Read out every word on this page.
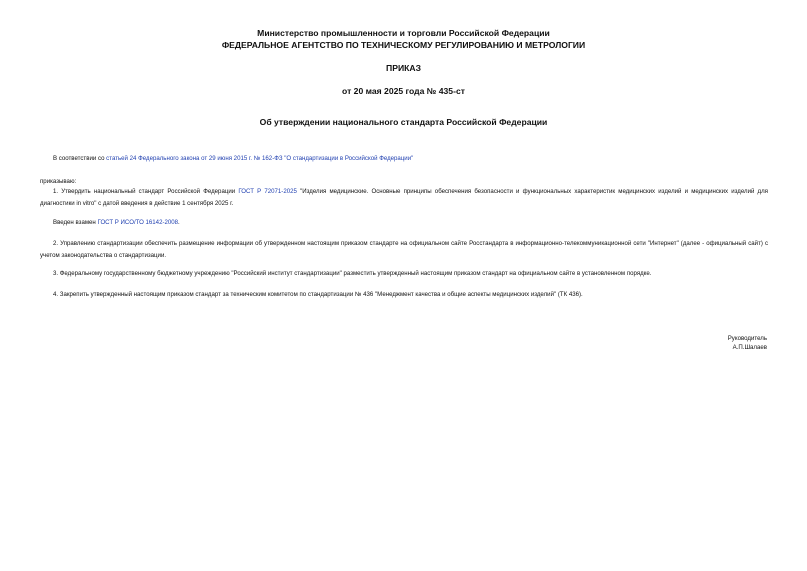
Министерство промышленности и торговли Российской Федерации
ФЕДЕРАЛЬНОЕ АГЕНТСТВО ПО ТЕХНИЧЕСКОМУ РЕГУЛИРОВАНИЮ И МЕТРОЛОГИИ
ПРИКАЗ
от 20 мая 2025 года № 435-ст
Об утверждении национального стандарта Российской Федерации
В соответствии со статьей 24 Федерального закона от 29 июня 2015 г. № 162-ФЗ "О стандартизации в Российской Федерации"
приказываю:
1. Утвердить национальный стандарт Российской Федерации ГОСТ Р 72071-2025 "Изделия медицинские. Основные принципы обеспечения безопасности и функциональных характеристик медицинских изделий и медицинских изделий для диагностики in vitro" с датой введения в действие 1 сентября 2025 г.
Введен взамен ГОСТ Р ИСО/ТО 16142-2008.
2. Управлению стандартизации обеспечить размещение информации об утвержденном настоящим приказом стандарте на официальном сайте Росстандарта в информационно-телекоммуникационной сети "Интернет" (далее - официальный сайт) с учетом законодательства о стандартизации.
3. Федеральному государственному бюджетному учреждению "Российский институт стандартизации" разместить утвержденный настоящим приказом стандарт на официальном сайте в установленном порядке.
4. Закрепить утвержденный настоящим приказом стандарт за техническим комитетом по стандартизации № 436 "Менеджмент качества и общие аспекты медицинских изделий" (ТК 436).
Руководитель
А.П.Шалаев
